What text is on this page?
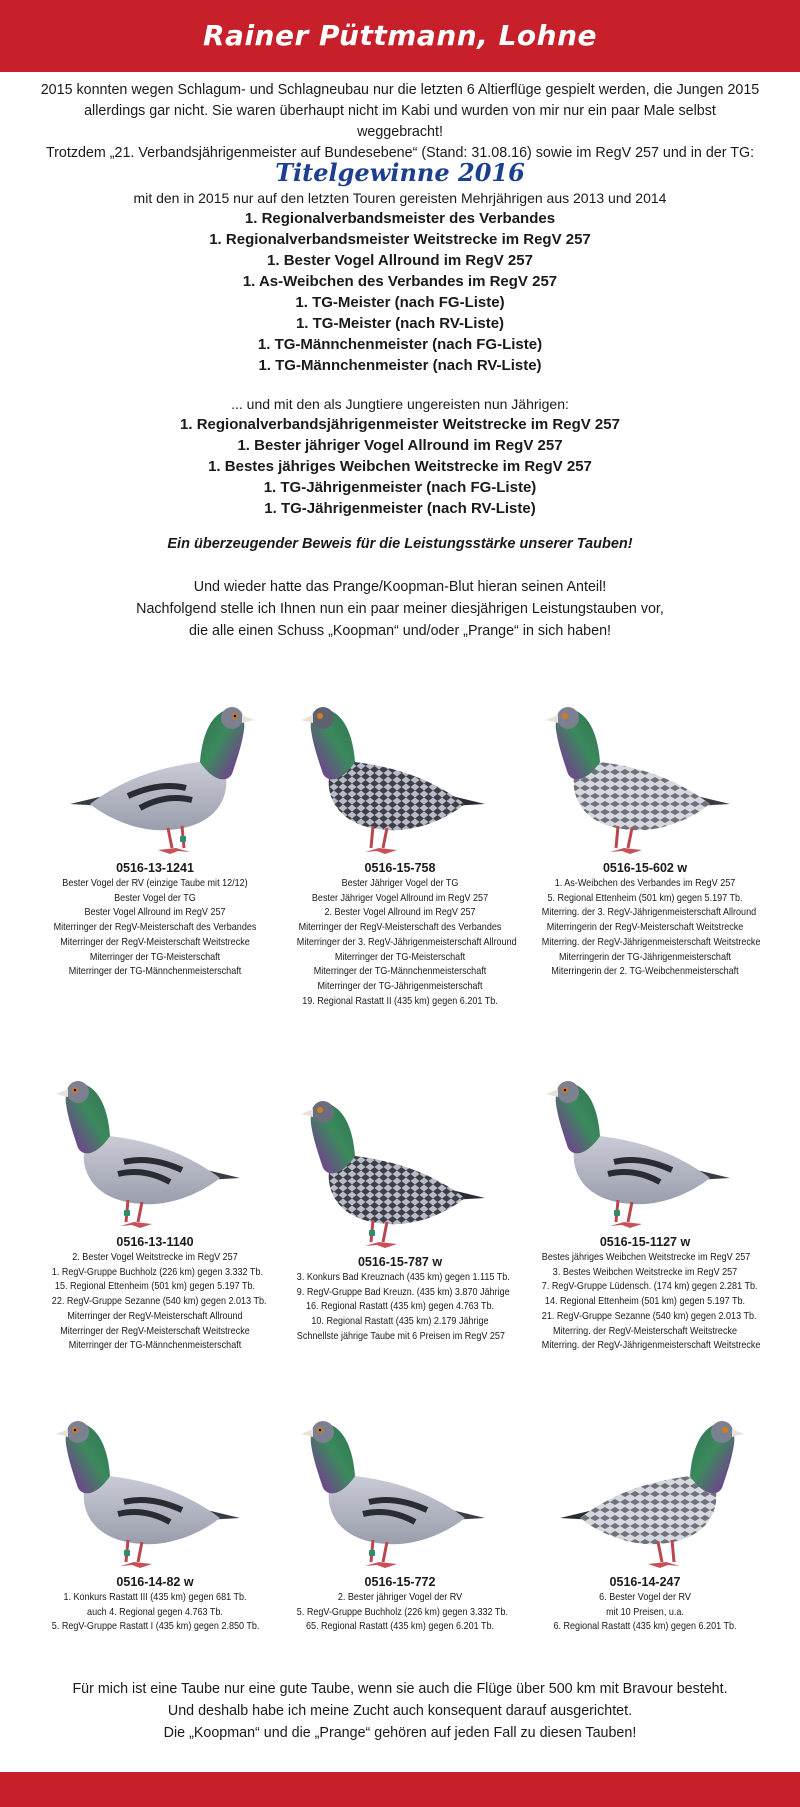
Rainer Püttmann, Lohne

2015 konnten wegen Schlagum- und Schlagneubau nur die letzten 6 Altierflüge gespielt werden, die Jungen 2015

allerdings gar nicht. Sie waren überhaupt nicht im Kabi und wurden von mir nur ein paar Male selbst weggebracht!

Trotzdem „21. Verbandsjährigenmeister auf Bundesebene“ (Stand: 31.08.16) sowie im RegV 257 und in der TG:

Titelgewinne 2016
mit den in 2015 nur auf den letzten Touren gereisten Mehrjährigen aus 2013 und 2014
1. Regionalverbandsmeister des Verbandes
1. Regionalverbandsmeister Weitstrecke im RegV 257
1. Bester Vogel Allround im RegV 257
1. As-Weibchen des Verbandes im RegV 257
1. TG-Meister (nach FG-Liste)
1. TG-Meister (nach RV-Liste)
1. TG-Männchenmeister (nach FG-Liste)
1. TG-Männchenmeister (nach RV-Liste)
... und mit den als Jungtiere ungereisten nun Jährigen:
1. Regionalverbandsjährigenmeister Weitstrecke im RegV 257
1. Bester jähriger Vogel Allround im RegV 257
1. Bestes jähriges Weibchen Weitstrecke im RegV 257
1. TG-Jährigenmeister (nach FG-Liste)
1. TG-Jährigenmeister (nach RV-Liste)
Ein überzeugender Beweis für die Leistungsstärke unserer Tauben!
Und wieder hatte das Prange/Koopman-Blut hieran seinen Anteil!
Nachfolgend stelle ich Ihnen nun ein paar meiner diesjährigen Leistungstauben vor,
die alle einen Schuss „Koopman“ und/oder „Prange“ in sich haben!
0516-13-1241
Bester Vogel der RV (einzige Taube mit 12/12)
Bester Vogel der TG
Bester Vogel Allround im RegV 257
Miterringer der RegV-Meisterschaft des Verbandes
Miterringer der RegV-Meisterschaft Weitstrecke
Miterringer der TG-Meisterschaft
Miterringer der TG-Männchenmeisterschaft
0516-15-758
Bester Jähriger Vogel der TG
Bester Jähriger Vogel Allround im RegV 257
2. Bester Vogel Allround im RegV 257
Miterringer der RegV-Meisterschaft des Verbandes
Miterringer der 3. RegV-Jährigenmeisterschaft Allround
Miterringer der TG-Meisterschaft
Miterringer der TG-Männchenmeisterschaft
Miterringer der TG-Jährigenmeisterschaft
19. Regional Rastatt II (435 km) gegen 6.201 Tb.
0516-15-602 w
1. As-Weibchen des Verbandes im RegV 257
5. Regional Ettenheim (501 km) gegen 5.197 Tb.
Miterring. der 3. RegV-Jährigenmeisterschaft Allround
Miterringerin der RegV-Meisterschaft Weitstrecke
Miterring. der RegV-Jährigenmeisterschaft Weitstrecke
Miterringerin der TG-Jährigenmeisterschaft
Miterringerin der 2. TG-Weibchenmeisterschaft
0516-13-1140
2. Bester Vogel Weitstrecke im RegV 257
1. RegV-Gruppe Buchholz (226 km) gegen 3.332 Tb.
15. Regional Ettenheim (501 km) gegen 5.197 Tb.
22. RegV-Gruppe Sezanne (540 km) gegen 2.013 Tb.
Miterringer der RegV-Meisterschaft Allround
Miterringer der RegV-Meisterschaft Weitstrecke
Miterringer der TG-Männchenmeisterschaft
0516-15-787 w
3. Konkurs Bad Kreuznach (435 km) gegen 1.115 Tb.
9. RegV-Gruppe Bad Kreuzn. (435 km) 3.870 Jährige
16. Regional Rastatt (435 km) gegen 4.763 Tb.
10. Regional Rastatt (435 km) 2.179 Jährige
Schnellste jährige Taube mit 6 Preisen im RegV 257
0516-15-1127 w
Bestes jähriges Weibchen Weitstrecke im RegV 257
3. Bestes Weibchen Weitstrecke im RegV 257
7. RegV-Gruppe Lüdensch. (174 km) gegen 2.281 Tb.
14. Regional Ettenheim (501 km) gegen 5.197 Tb.
21. RegV-Gruppe Sezanne (540 km) gegen 2.013 Tb.
Miterring. der RegV-Meisterschaft Weitstrecke
Miterring. der RegV-Jährigenmeisterschaft Weitstrecke
0516-14-82 w
1. Konkurs Rastatt III (435 km) gegen 681 Tb.
auch 4. Regional gegen 4.763 Tb.
5. RegV-Gruppe Rastatt I (435 km) gegen 2.850 Tb.
0516-15-772
2. Bester jähriger Vogel der RV
5. RegV-Gruppe Buchholz (226 km) gegen 3.332 Tb.
65. Regional Rastatt (435 km) gegen 6.201 Tb.
0516-14-247
6. Bester Vogel der RV
mit 10 Preisen, u.a.
6. Regional Rastatt (435 km) gegen 6.201 Tb.
Für mich ist eine Taube nur eine gute Taube, wenn sie auch die Flüge über 500 km mit Bravour besteht.
Und deshalb habe ich meine Zucht auch konsequent darauf ausgerichtet.
Die „Koopman“ und die „Prange“ gehören auf jeden Fall zu diesen Tauben!
